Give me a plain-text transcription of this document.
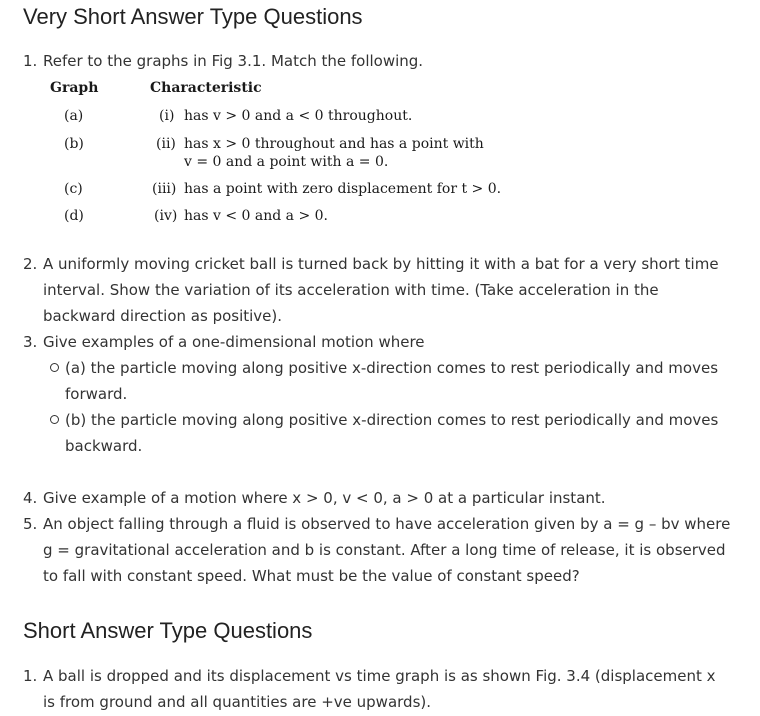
Very Short Answer Type Questions
1. Refer to the graphs in Fig 3.1. Match the following.
Graph	Characteristic
(a)	(i) has v > 0 and a < 0 throughout.
(b)	(ii) has x > 0 throughout and has a point with
v = 0 and a point with a = 0.
(c)	(iii) has a point with zero displacement for t > 0.
(d)	(iv) has v < 0 and a > 0.
2. A uniformly moving cricket ball is turned back by hitting it with a bat for a very short time
interval. Show the variation of its acceleration with time. (Take acceleration in the
backward direction as positive).
3. Give examples of a one-dimensional motion where
(a) the particle moving along positive x-direction comes to rest periodically and moves
forward.
(b) the particle moving along positive x-direction comes to rest periodically and moves
backward.
4. Give example of a motion where x > 0, v < 0, a > 0 at a particular instant.
5. An object falling through a fluid is observed to have acceleration given by a = g – bv where
g = gravitational acceleration and b is constant. After a long time of release, it is observed
to fall with constant speed. What must be the value of constant speed?
Short Answer Type Questions
1. A ball is dropped and its displacement vs time graph is as shown Fig. 3.4 (displacement x
is from ground and all quantities are +ve upwards).
